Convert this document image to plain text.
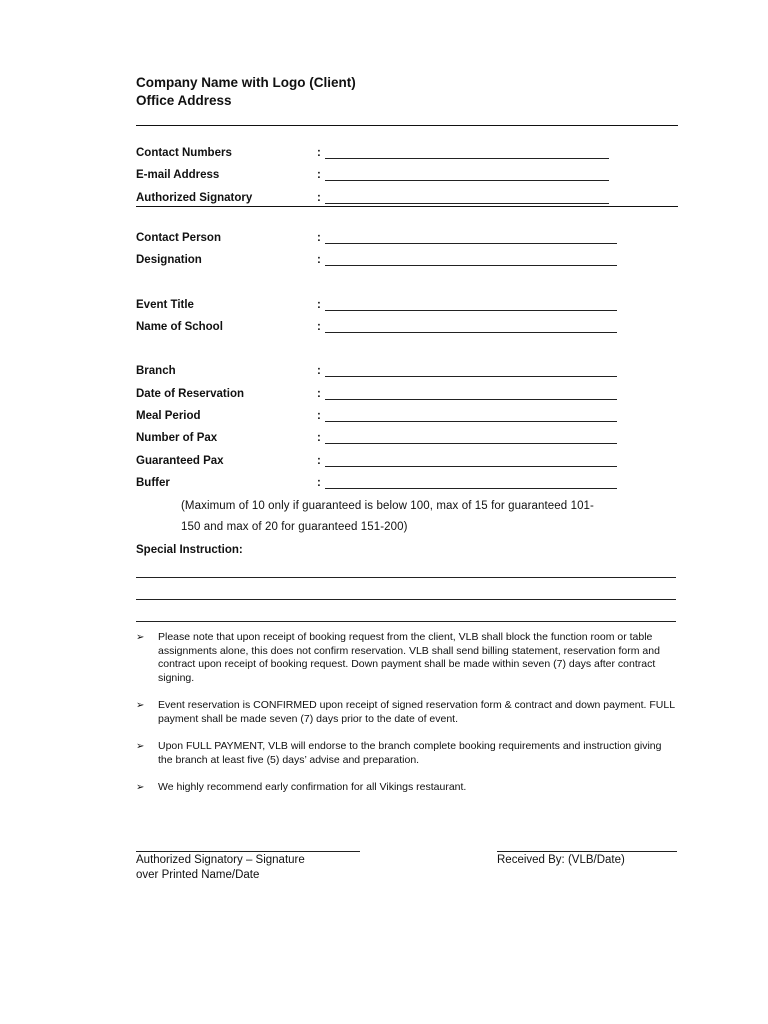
Company Name with Logo (Client)
Office Address
Contact Numbers	:
E-mail Address	:
Authorized Signatory	:
Contact Person	:
Designation	:
Event Title	:
Name of School	:
Branch	:
Date of Reservation	:
Meal Period	:
Number of Pax	:
Guaranteed Pax	:
Buffer	:
(Maximum of 10 only if guaranteed is below 100, max of 15 for guaranteed 101-
150 and max of 20 for guaranteed 151-200)
Special Instruction:
➢ Please note that upon receipt of booking request from the client, VLB shall block the function room or table assignments alone, this does not confirm reservation. VLB shall send billing statement, reservation form and contract upon receipt of booking request. Down payment shall be made within seven (7) days after contract signing.
➢ Event reservation is CONFIRMED upon receipt of signed reservation form & contract and down payment. FULL payment shall be made seven (7) days prior to the date of event.
➢ Upon FULL PAYMENT, VLB will endorse to the branch complete booking requirements and instruction giving the branch at least five (5) days’ advise and preparation.
➢ We highly recommend early confirmation for all Vikings restaurant.
Authorized Signatory – Signature
over Printed Name/Date
Received By: (VLB/Date)
